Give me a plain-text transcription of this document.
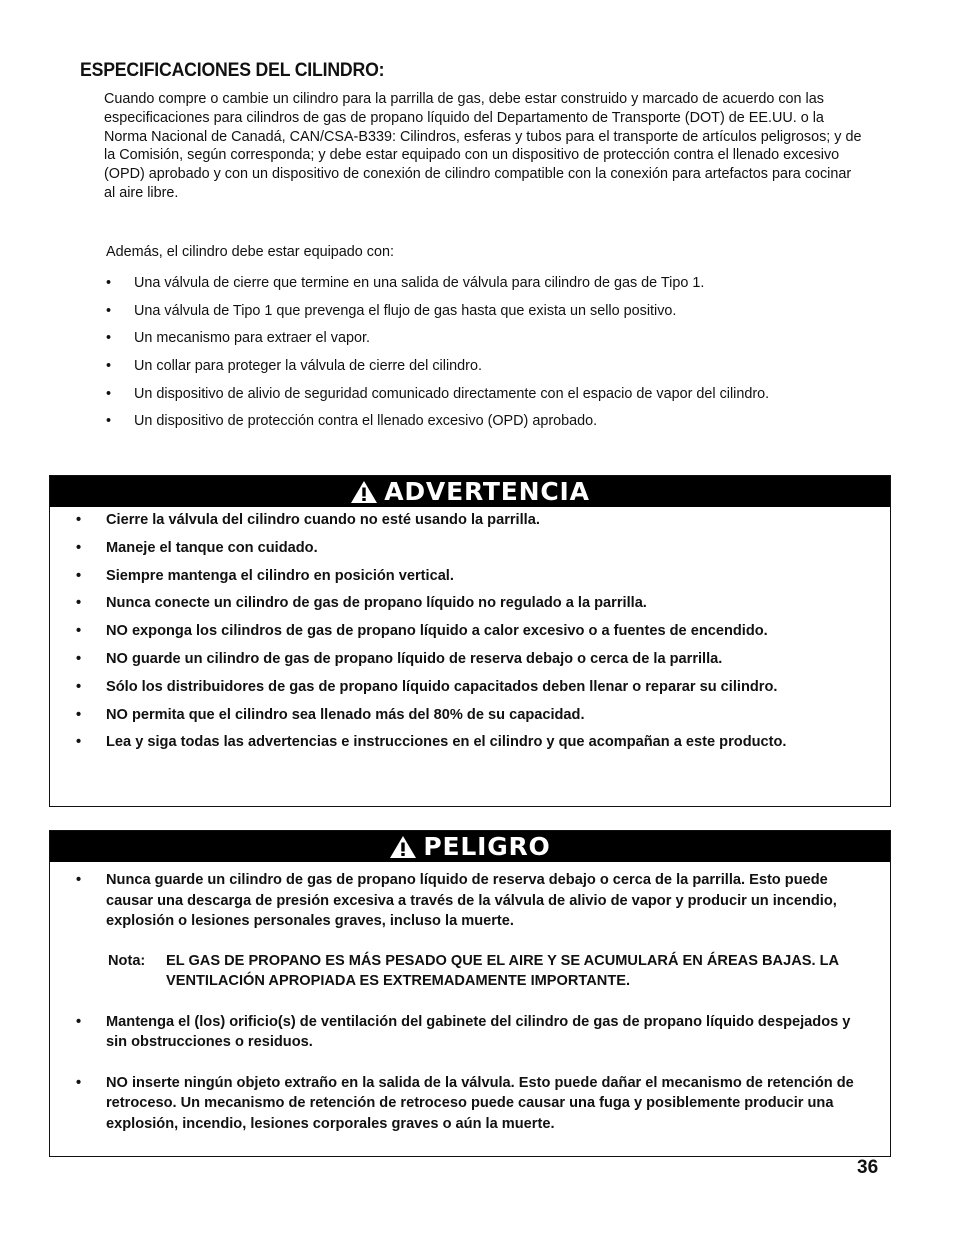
ESPECIFICACIONES DEL CILINDRO:

Cuando compre o cambie un cilindro para la parrilla de gas, debe estar construido y marcado de acuerdo con las especificaciones para cilindros de gas de propano líquido del Departamento de Transporte (DOT) de EE.UU. o la Norma Nacional de Canadá, CAN/CSA-B339: Cilindros, esferas y tubos para el transporte de artículos peligrosos; y de la Comisión, según corresponda; y debe estar equipado con un dispositivo de protección contra el llenado excesivo (OPD) aprobado y con un dispositivo de conexión de cilindro compatible con la conexión para artefactos para cocinar al aire libre.

Además, el cilindro debe estar equipado con:

• Una válvula de cierre que termine en una salida de válvula para cilindro de gas de Tipo 1.
• Una válvula de Tipo 1 que prevenga el flujo de gas hasta que exista un sello positivo.
• Un mecanismo para extraer el vapor.
• Un collar para proteger la válvula de cierre del cilindro.
• Un dispositivo de alivio de seguridad comunicado directamente con el espacio de vapor del cilindro.
• Un dispositivo de protección contra el llenado excesivo (OPD) aprobado.
ADVERTENCIA
• Cierre la válvula del cilindro cuando no esté usando la parrilla.
• Maneje el tanque con cuidado.
• Siempre mantenga el cilindro en posición vertical.
• Nunca conecte un cilindro de gas de propano líquido no regulado a la parrilla.
• NO exponga los cilindros de gas de propano líquido a calor excesivo o a fuentes de encendido.
• NO guarde un cilindro de gas de propano líquido de reserva debajo o cerca de la parrilla.
• Sólo los distribuidores de gas de propano líquido capacitados deben llenar o reparar su cilindro.
• NO permita que el cilindro sea llenado más del 80% de su capacidad.
• Lea y siga todas las advertencias e instrucciones en el cilindro y que acompañan a este producto.
PELIGRO
• Nunca guarde un cilindro de gas de propano líquido de reserva debajo o cerca de la parrilla. Esto puede causar una descarga de presión excesiva a través de la válvula de alivio de vapor y producir un incendio, explosión o lesiones personales graves, incluso la muerte.
Nota:	EL GAS DE PROPANO ES MÁS PESADO QUE EL AIRE Y SE ACUMULARÁ EN ÁREAS BAJAS. LA VENTILACIÓN APROPIADA ES EXTREMADAMENTE IMPORTANTE.
• Mantenga el (los) orificio(s) de ventilación del gabinete del cilindro de gas de propano líquido despejados y sin obstrucciones o residuos.
• NO inserte ningún objeto extraño en la salida de la válvula. Esto puede dañar el mecanismo de retención de retroceso. Un mecanismo de retención de retroceso puede causar una fuga y posiblemente producir una explosión, incendio, lesiones corporales graves o aún la muerte.

36
